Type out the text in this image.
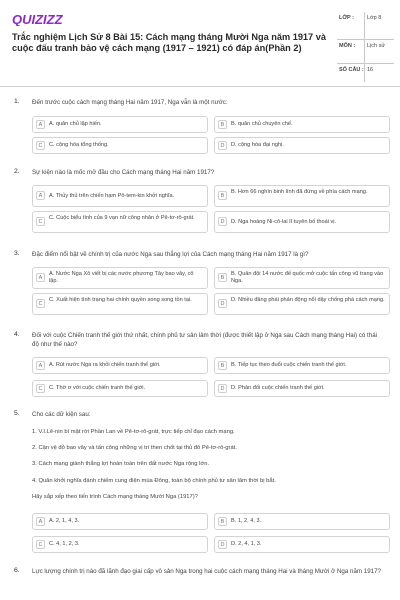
QUIZIZZ
Trắc nghiệm Lịch Sử 8 Bài 15: Cách mạng tháng Mười Nga năm 1917 và cuộc đấu tranh bảo vệ cách mạng (1917 – 1921) có đáp án(Phần 2)
LỚP :	Lớp 8
MÔN :	Lịch sử
SỐ CÂU : 16
1. Đến trước cuộc cách mạng tháng Hai năm 1917, Nga vẫn là một nước:
A	A. quân chủ lập hiến.	B	B. quân chủ chuyên chế.
C	C. cộng hòa tổng thống.	D	D. cộng hòa đại nghị.
2. Sự kiện nào là mốc mở đầu cho Cách mạng tháng Hai năm 1917?
A	A. Thủy thủ trên chiến hạm Pô-tem-kin khởi nghĩa.	B
B. Hơn 66 nghìn binh lính đã đứng về phía cách mạng.
C
C. Cuộc biểu tình của 9 vạn nữ công nhân ở Pê-tơ-rô-grát.
D	D. Nga hoàng Ni-cô-lai II tuyên bố thoái vị.
3. Đặc điểm nổi bật về chính trị của nước Nga sau thắng lợi của Cách mạng tháng Hai năm 1917 là gì?
A
A. Nước Nga Xô viết bị các nước phương Tây bao vây, cô lập.	B
B. Quân đội 14 nước đế quốc mở cuộc tấn công vũ trang vào Nga.
C
C. Xuất hiện tình trạng hai chính quyền song song tồn tại.
D
D. Nhiều đảng phái phản động nổi dậy chống phá cách mạng.
4. Đối với cuộc Chiến tranh thế giới thứ nhất, chính phủ tư sản lâm thời (được thiết lập ở Nga sau Cách mạng tháng Hai) có thái độ như thế nào?
A	A. Rút nước Nga ra khỏi chiến tranh thế giới.	B	B. Tiếp tục theo đuổi cuộc chiến tranh thế giới.
C	C. Thờ ơ với cuộc chiến tranh thế giới.	D	D. Phản đối cuộc chiến tranh thế giới.
5. Cho các dữ kiện sau:
1. V.I.Lê-nin bí mật rời Phần Lan về Pê-tơ-rô-grát, trực tiếp chỉ đạo cách mạng.
2. Cận vệ đỏ bao vây và tấn công những vị trí then chốt tại thủ đô Pê-tơ-rô-grát.
3. Cách mạng giành thắng lợi hoàn toàn trên đất nước Nga rộng lớn.
4. Quân khởi nghĩa đánh chiếm cung điện mùa Đông, toàn bộ chính phủ tư sản lâm thời bị bắt.
Hãy sắp xếp theo tiến trình Cách mạng tháng Mười Nga (1917)?
A	A. 2, 1, 4, 3.	B	B. 1, 2, 4, 3.
C	C. 4, 1, 2, 3.	D	D. 2, 4, 1, 3.
6. Lực lượng chính trị nào đã lãnh đạo giai cấp vô sản Nga trong hai cuộc cách mạng tháng Hai và tháng Mười ở Nga năm 1917?
